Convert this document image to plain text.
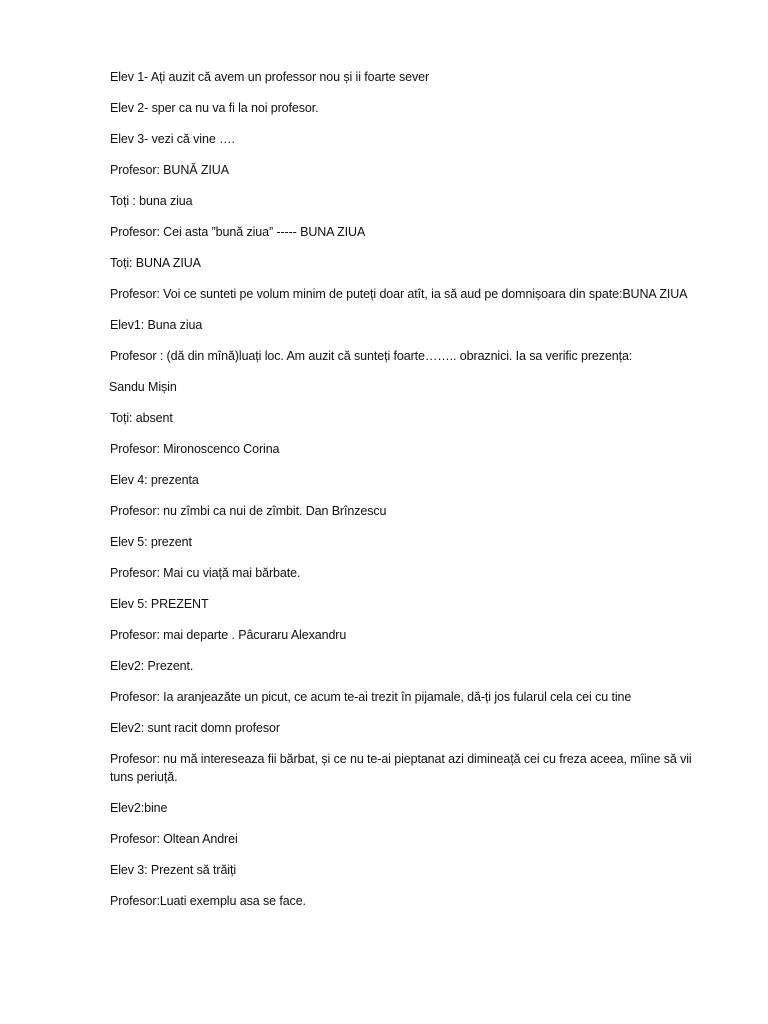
Elev 1- Ați auzit că avem un professor nou și ii foarte sever

Elev 2- sper ca nu va fi la noi profesor.

Elev 3- vezi că vine ….

Profesor: BUNĂ ZIUA

Toți : buna ziua

Profesor: Cei asta ”bună ziua” ----- BUNA ZIUA

Toți: BUNA ZIUA

Profesor: Voi ce sunteti pe volum minim de puteți doar atît, ia să aud pe domnișoara din spate:BUNA ZIUA

Elev1: Buna ziua

Profesor : (dă din mînă)luați loc. Am auzit că sunteți foarte…….. obraznici. Ia sa verific prezența:

Sandu Mișin

Toți: absent

Profesor: Mironoscenco Corina

Elev 4: prezenta

Profesor: nu zîmbi ca nui de zîmbit. Dan Brînzescu

Elev 5: prezent

Profesor: Mai cu viață mai bărbate.

Elev 5: PREZENT

Profesor: mai departe . Pâcuraru Alexandru

Elev2: Prezent.

Profesor: Ia aranjeazăte un picut, ce acum te-ai trezit în pijamale, dă-ți jos fularul cela cei cu tine

Elev2: sunt racit domn profesor

Profesor: nu mă intereseaza fii bărbat, și ce nu te-ai pieptanat azi dimineață cei cu freza aceea, mîine să vii tuns periuță.

Elev2:bine

Profesor: Oltean Andrei

Elev 3: Prezent să trăiți

Profesor:Luati exemplu asa se face.
